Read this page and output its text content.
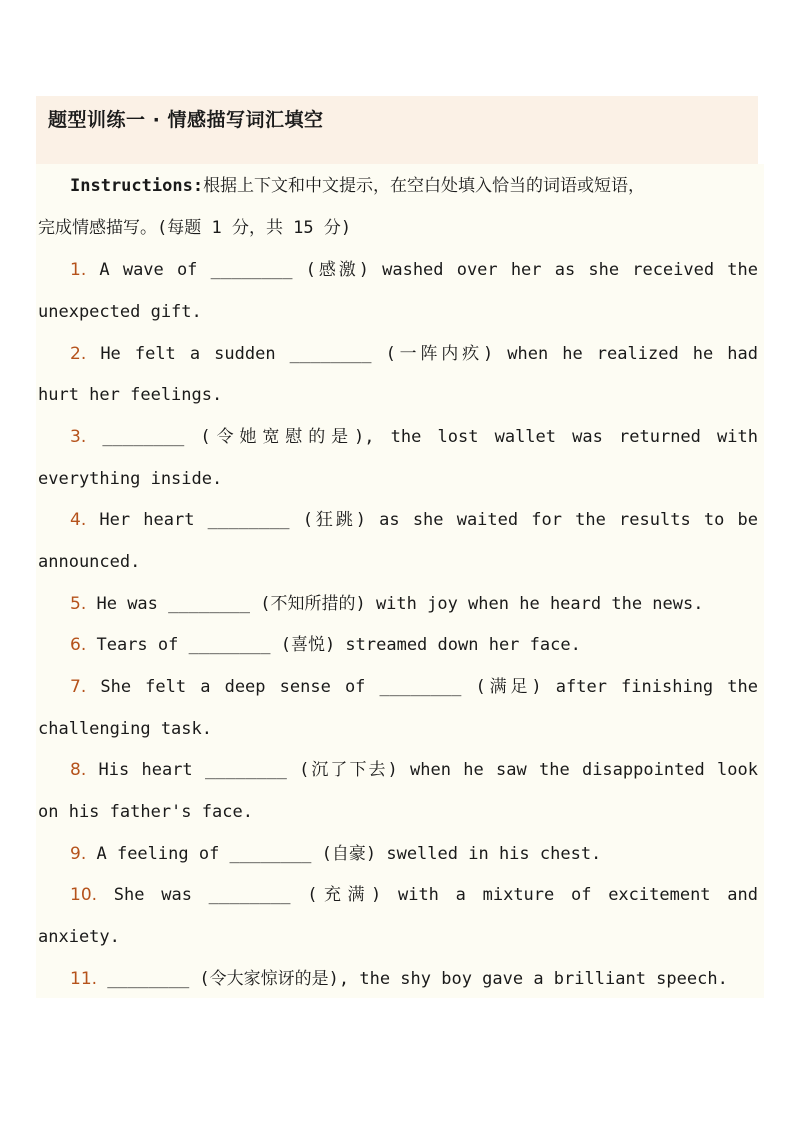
题型训练一 · 情感描写词汇填空
Instructions:根据上下文和中文提示，在空白处填入恰当的词语或短语，
完成情感描写。(每题 1 分，共 15 分)
1. A wave of ________ (感激) washed over her as she received the
unexpected gift.
2. He felt a sudden ________ (一阵内疚) when he realized he had
hurt her feelings.
3. ________ (令她宽慰的是), the lost wallet was returned with
everything inside.
4. Her heart ________ (狂跳) as she waited for the results to be
announced.
5. He was ________ (不知所措的) with joy when he heard the news.
6. Tears of ________ (喜悦) streamed down her face.
7. She felt a deep sense of ________ (满足) after finishing the
challenging task.
8. His heart ________ (沉了下去) when he saw the disappointed look
on his father's face.
9. A feeling of ________ (自豪) swelled in his chest.
10. She was ________ (充满) with a mixture of excitement and
anxiety.
11. ________ (令大家惊讶的是), the shy boy gave a brilliant speech.
